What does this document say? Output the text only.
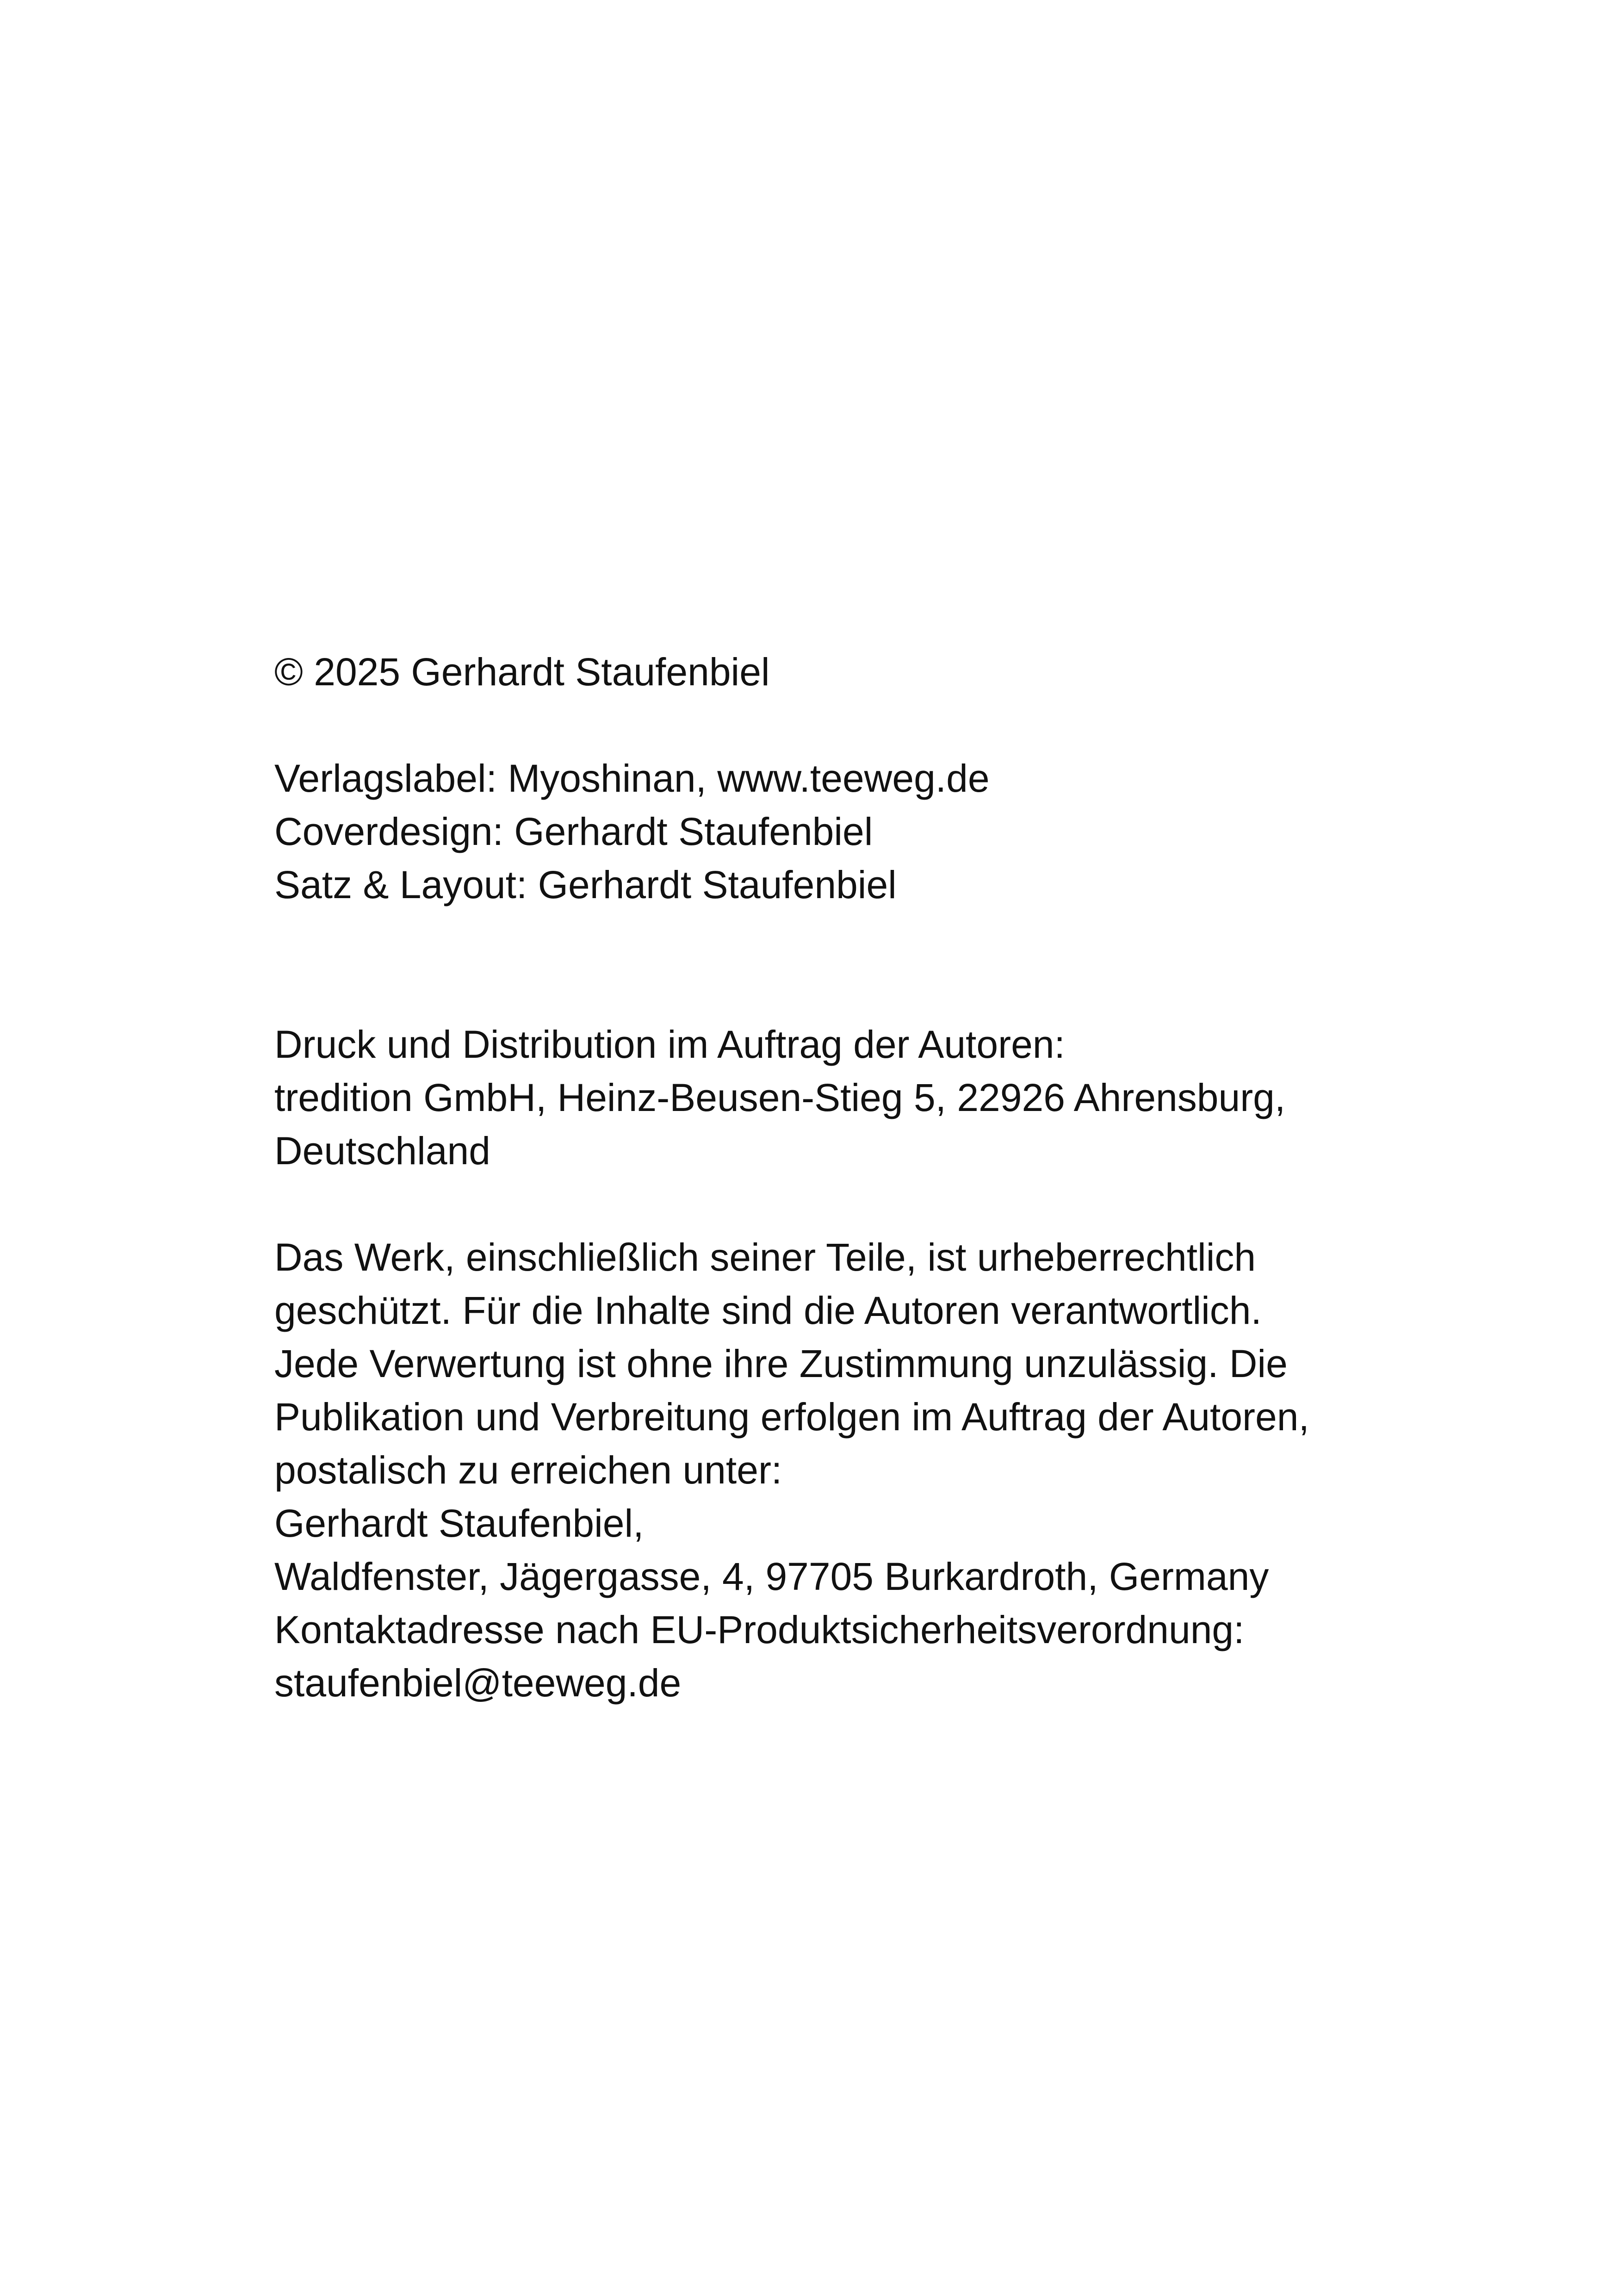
© 2025 Gerhardt Staufenbiel
Verlagslabel: Myoshinan, www.teeweg.de
Coverdesign: Gerhardt Staufenbiel
Satz & Layout: Gerhardt Staufenbiel
Druck und Distribution im Auftrag der Autoren:
tredition GmbH, Heinz-Beusen-Stieg 5, 22926 Ahrensburg,
Deutschland
Das Werk, einschließlich seiner Teile, ist urheberrechtlich
geschützt. Für die Inhalte sind die Autoren verantwortlich.
Jede Verwertung ist ohne ihre Zustimmung unzulässig. Die
Publikation und Verbreitung erfolgen im Auftrag der Autoren,
postalisch zu erreichen unter:
Gerhardt Staufenbiel,
Waldfenster, Jägergasse, 4, 97705 Burkardroth, Germany
Kontaktadresse nach EU-Produktsicherheitsverordnung:
staufenbiel@teeweg.de
